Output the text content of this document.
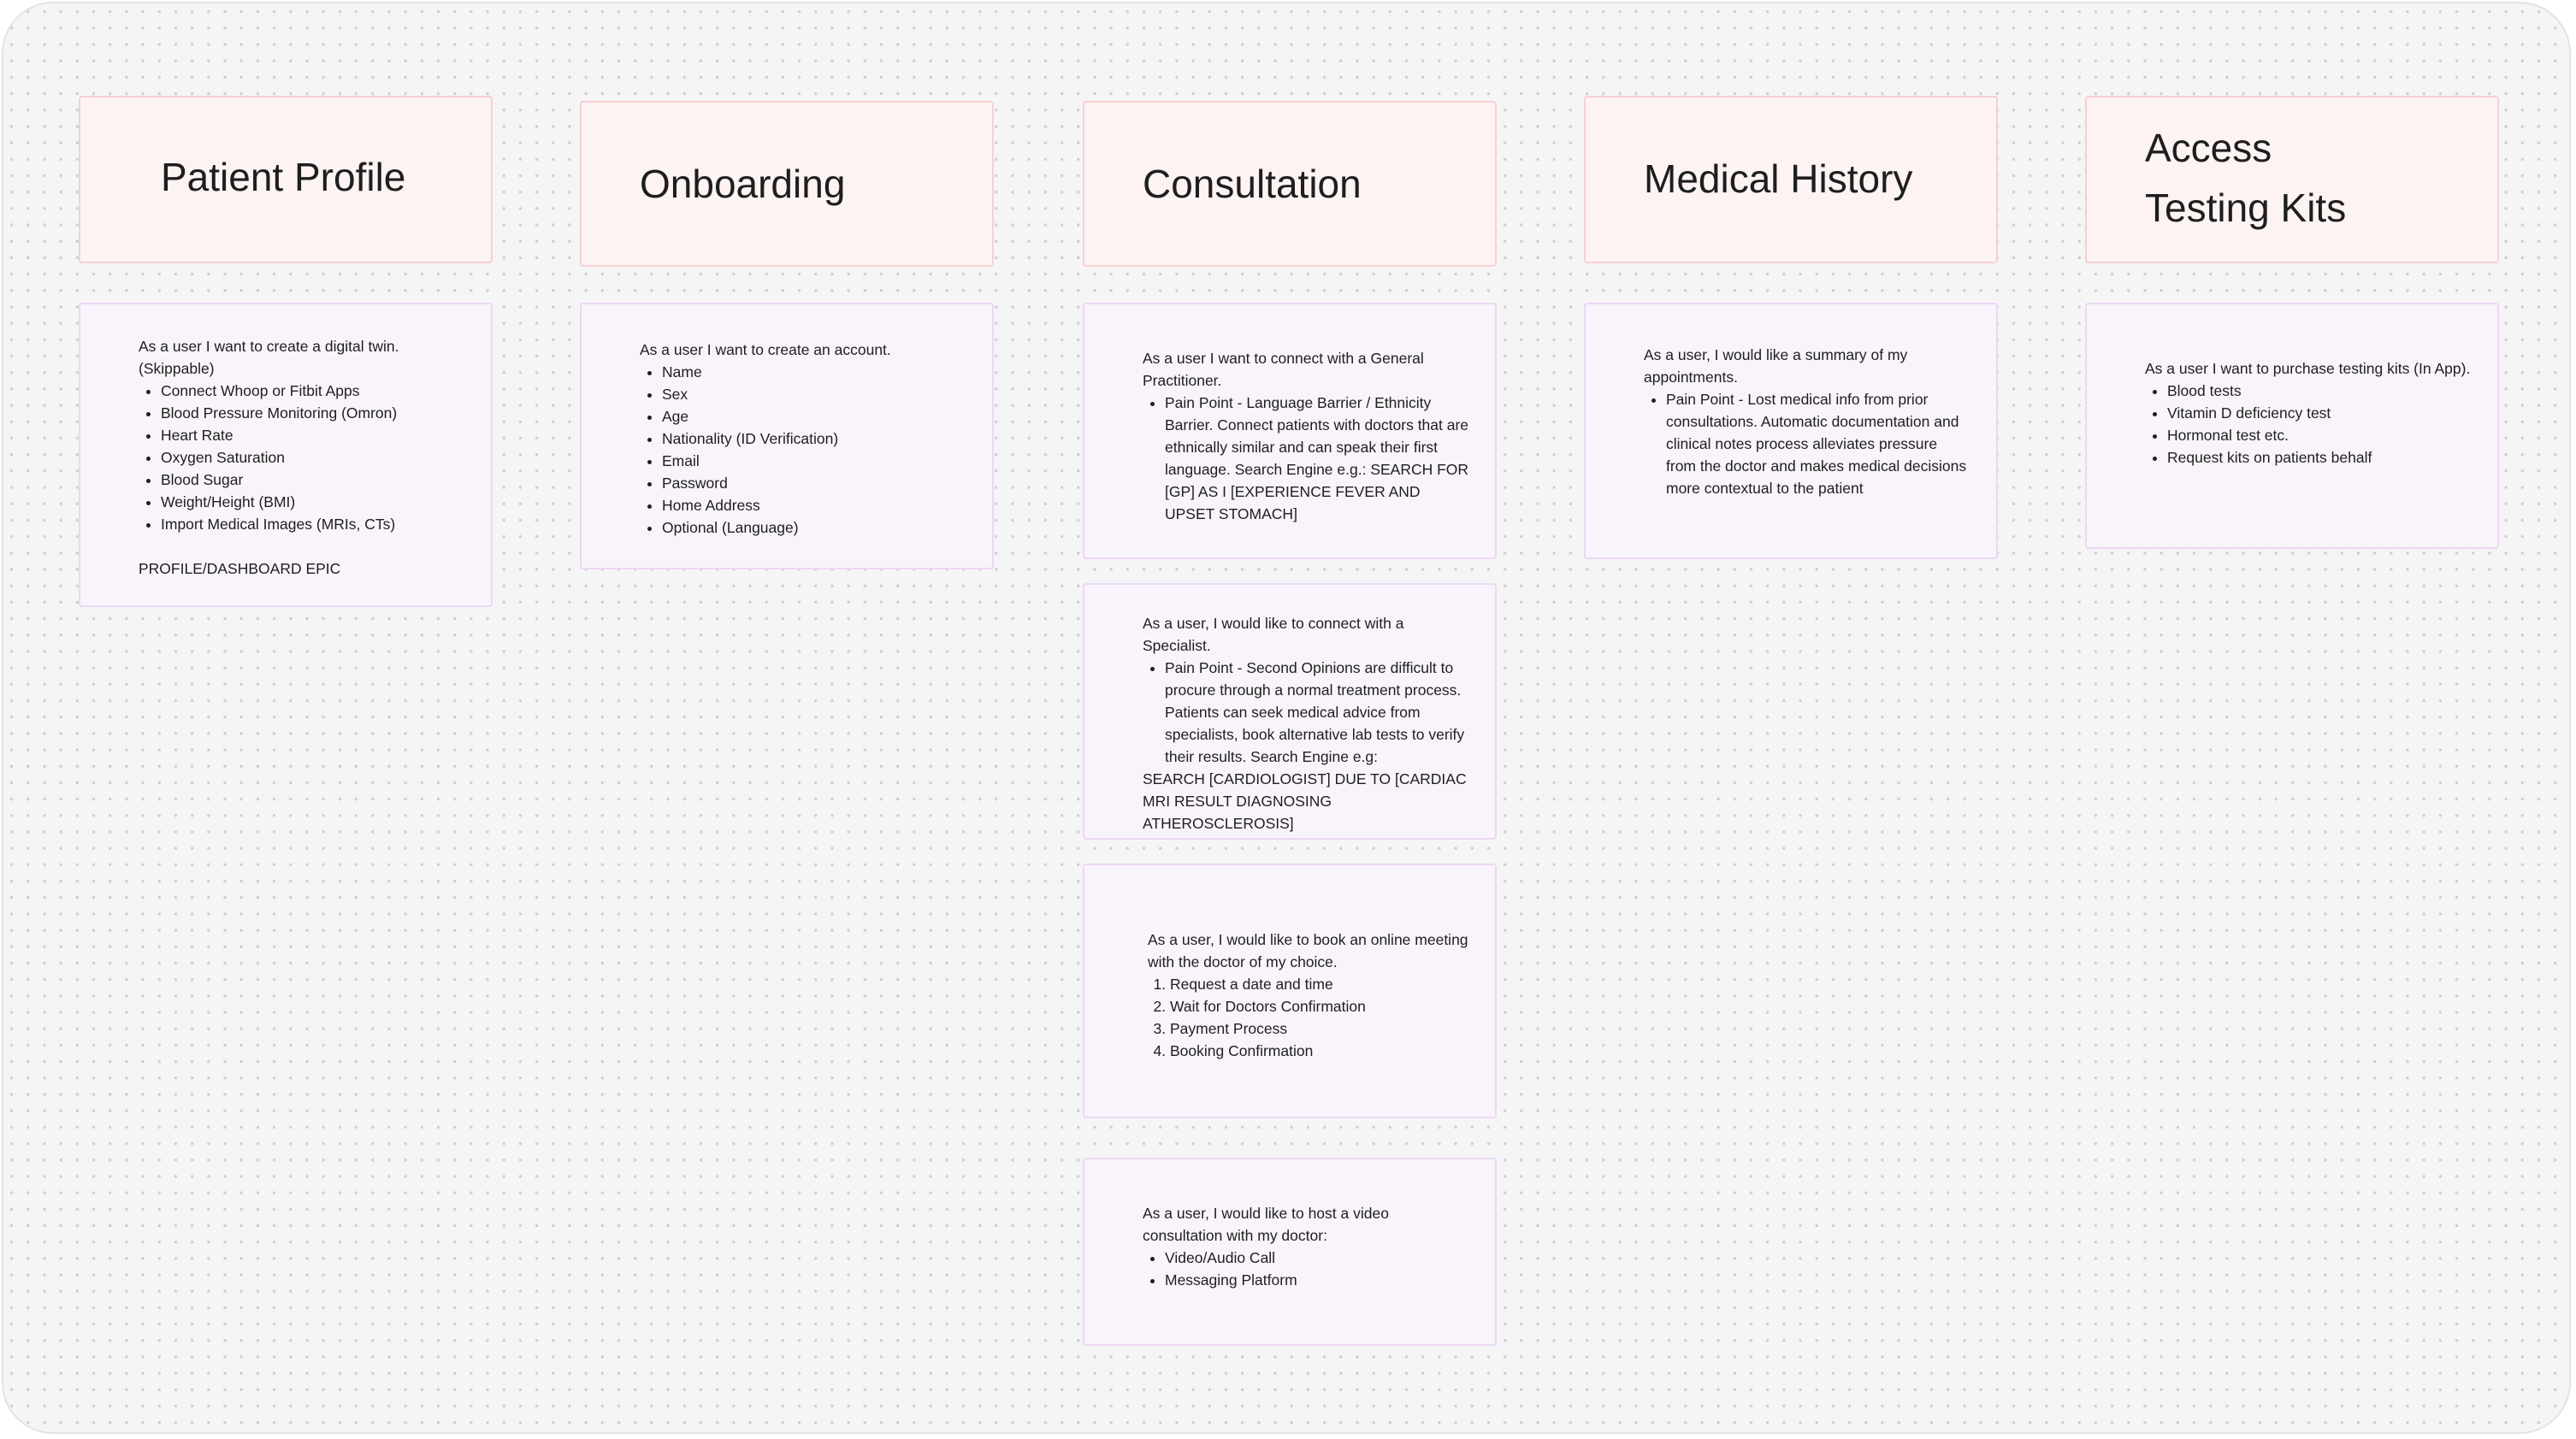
Patient Profile

As a user I want to create a digital twin. (Skippable)

• Connect Whoop or Fitbit Apps
• Blood Pressure Monitoring (Omron)
• Heart Rate
• Oxygen Saturation
• Blood Sugar
• Weight/Height (BMI)
• Import Medical Images (MRIs, CTs)

PROFILE/DASHBOARD EPIC

Onboarding

As a user I want to create an account.

• Name
• Sex
• Age
• Nationality (ID Verification)
• Email
• Password
• Home Address
• Optional (Language)
Consultation

As a user I want to connect with a General Practitioner.

• Pain Point - Language Barrier / Ethnicity Barrier. Connect patients with doctors that are ethnically similar and can speak their first language. Search Engine e.g.: SEARCH FOR [GP] AS I [EXPERIENCE FEVER AND UPSET STOMACH]

As a user, I would like to connect with a Specialist.

• Pain Point - Second Opinions are difficult to procure through a normal treatment process. Patients can seek medical advice from specialists, book alternative lab tests to verify their results. Search Engine e.g:

SEARCH [CARDIOLOGIST] DUE TO [CARDIAC MRI RESULT DIAGNOSING ATHEROSCLEROSIS]

As a user, I would like to book an online meeting with the doctor of my choice.

1. Request a date and time
2. Wait for Doctors Confirmation
3. Payment Process
4. Booking Confirmation

As a user, I would like to host a video consultation with my doctor:

• Video/Audio Call
• Messaging Platform
Medical History

As a user, I would like a summary of my appointments.

• Pain Point - Lost medical info from prior consultations. Automatic documentation and clinical notes process alleviates pressure from the doctor and makes medical decisions more contextual to the patient
Access
Testing Kits

As a user I want to purchase testing kits (In App).

• Blood tests
• Vitamin D deficiency test
• Hormonal test etc.
• Request kits on patients behalf
